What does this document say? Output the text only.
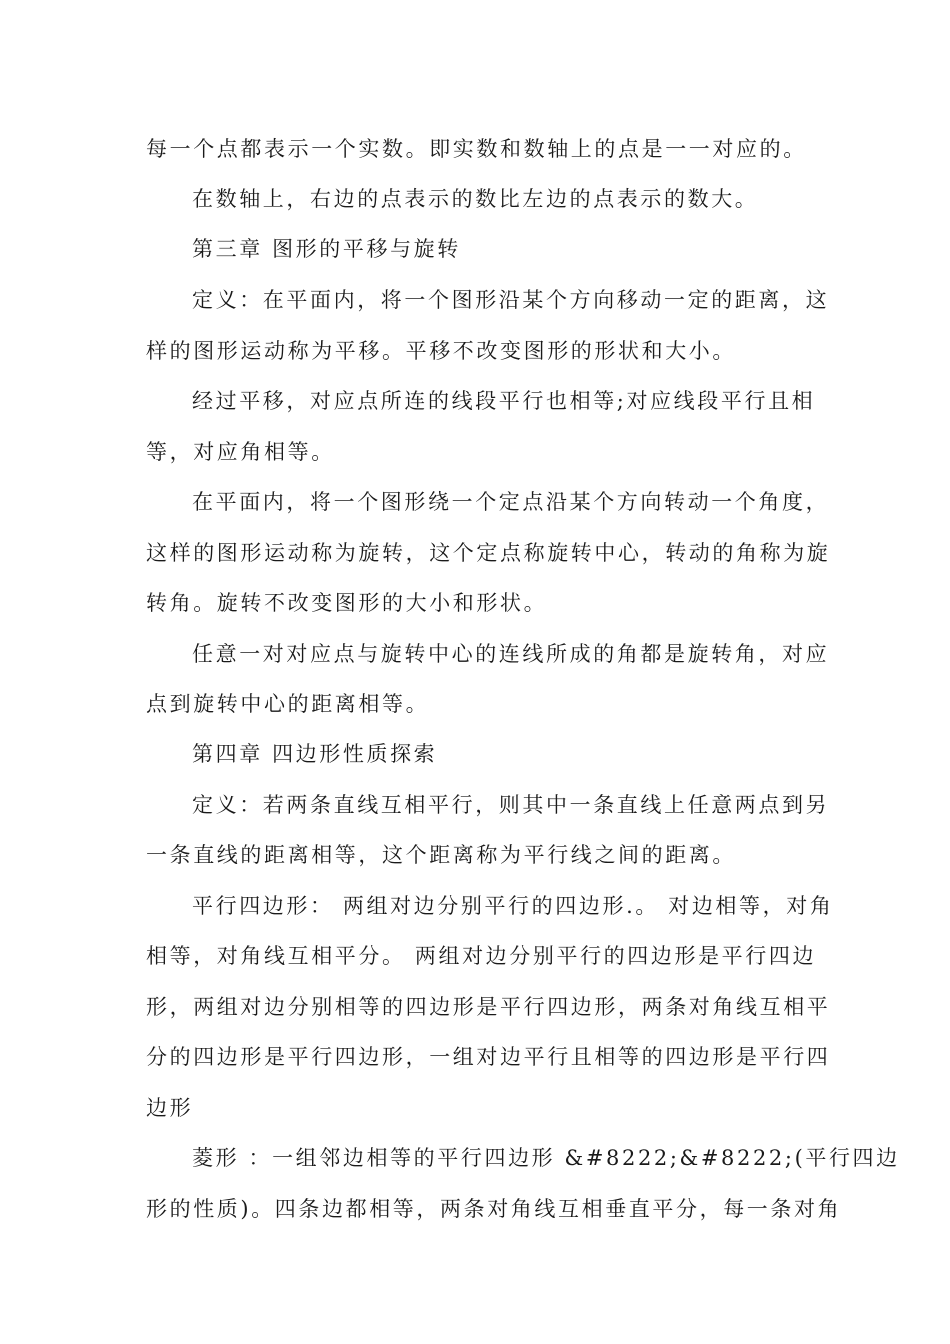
每一个点都表示一个实数。即实数和数轴上的点是一一对应的。
在数轴上，右边的点表示的数比左边的点表示的数大。
第三章 图形的平移与旋转
定义：在平面内，将一个图形沿某个方向移动一定的距离，这
样的图形运动称为平移。平移不改变图形的形状和大小。
经过平移，对应点所连的线段平行也相等;对应线段平行且相
等，对应角相等。
在平面内，将一个图形绕一个定点沿某个方向转动一个角度，
这样的图形运动称为旋转，这个定点称旋转中心，转动的角称为旋
转角。旋转不改变图形的大小和形状。
任意一对对应点与旋转中心的连线所成的角都是旋转角，对应
点到旋转中心的距离相等。
第四章 四边形性质探索
定义：若两条直线互相平行，则其中一条直线上任意两点到另
一条直线的距离相等，这个距离称为平行线之间的距离。
平行四边形： 两组对边分别平行的四边形.。 对边相等，对角
相等，对角线互相平分。 两组对边分别平行的四边形是平行四边
形，两组对边分别相等的四边形是平行四边形，两条对角线互相平
分的四边形是平行四边形，一组对边平行且相等的四边形是平行四
边形
菱形 ：一组邻边相等的平行四边形 &#8222;&#8222;(平行四边
形的性质)。四条边都相等，两条对角线互相垂直平分，每一条对角
